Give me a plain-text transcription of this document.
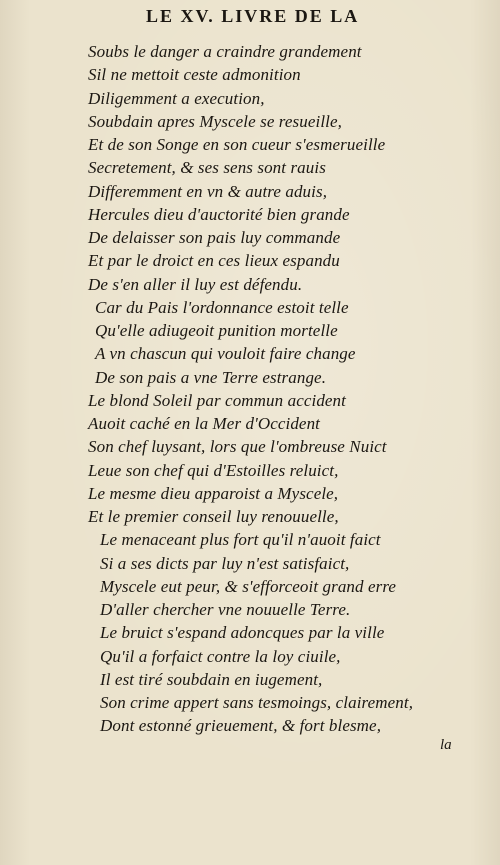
LE XV. LIVRE DE LA
Soubs le danger a craindre grandement
Sil ne mettoit ceste admonition
Diligemment a execution,
Soubdain apres Myscele se resueille,
Et de son Songe en son cueur s'esmerueille
Secretement, & ses sens sont rauis
Differemment en vn & autre aduis,
Hercules dieu d'auctorité bien grande
De delaisser son pais luy commande
Et par le droict en ces lieux espandu
De s'en aller il luy est défendu.
Car du Pais l'ordonnance estoit telle
Qu'elle adiugeoit punition mortelle
A vn chascun qui vouloit faire change
De son pais a vne Terre estrange.
Le blond Soleil par commun accident
Auoit caché en la Mer d'Occident
Son chef luysant, lors que l'ombreuse Nuict
Leue son chef qui d'Estoilles reluict,
Le mesme dieu apparoist a Myscele,
Et le premier conseil luy renouuelle,
Le menaceant plus fort qu'il n'auoit faict
Si a ses dicts par luy n'est satisfaict,
Myscele eut peur, & s'efforceoit grand erre
D'aller chercher vne nouuelle Terre.
Le bruict s'espand adoncques par la ville
Qu'il a forfaict contre la loy ciuile,
Il est tiré soubdain en iugement,
Son crime appert sans tesmoings, clairement,
Dont estonné grieuement, & fort blesme,
la
